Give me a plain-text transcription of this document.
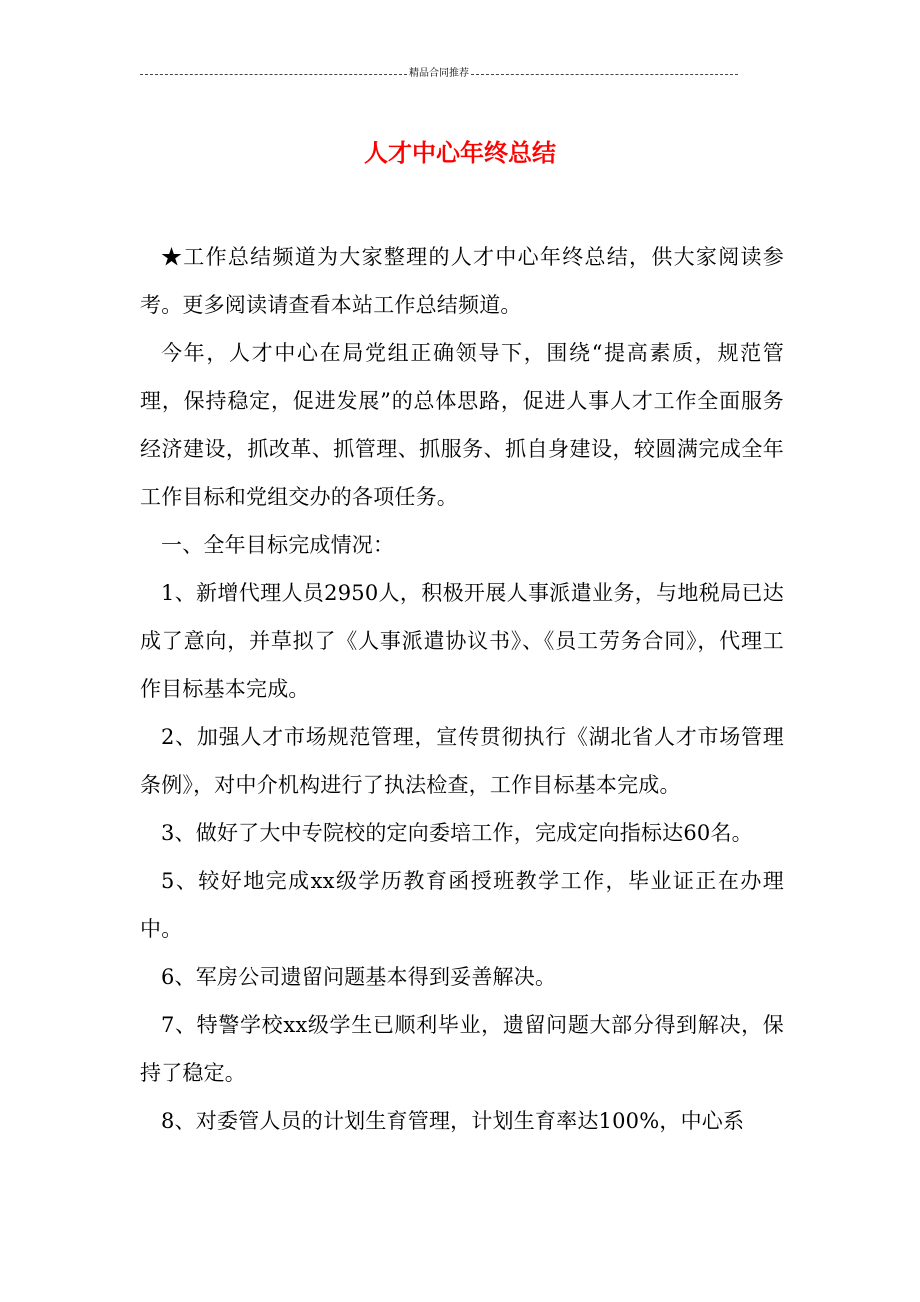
精品合同推荐
人才中心年终总结

★工作总结频道为大家整理的人才中心年终总结，供大家阅读参考。更多阅读请查看本站工作总结频道。

今年，人才中心在局党组正确领导下，围绕“提高素质，规范管理，保持稳定，促进发展”的总体思路，促进人事人才工作全面服务经济建设，抓改革、抓管理、抓服务、抓自身建设，较圆满完成全年工作目标和党组交办的各项任务。

一、全年目标完成情况：

1、新增代理人员2950人，积极开展人事派遣业务，与地税局已达成了意向，并草拟了《人事派遣协议书》、《员工劳务合同》，代理工作目标基本完成。

2、加强人才市场规范管理，宣传贯彻执行《湖北省人才市场管理条例》，对中介机构进行了执法检查，工作目标基本完成。

3、做好了大中专院校的定向委培工作，完成定向指标达60名。

5、较好地完成xx级学历教育函授班教学工作，毕业证正在办理中。

6、军房公司遗留问题基本得到妥善解决。

7、特警学校xx级学生已顺利毕业，遗留问题大部分得到解决，保持了稳定。

8、对委管人员的计划生育管理，计划生育率达100%，中心系
